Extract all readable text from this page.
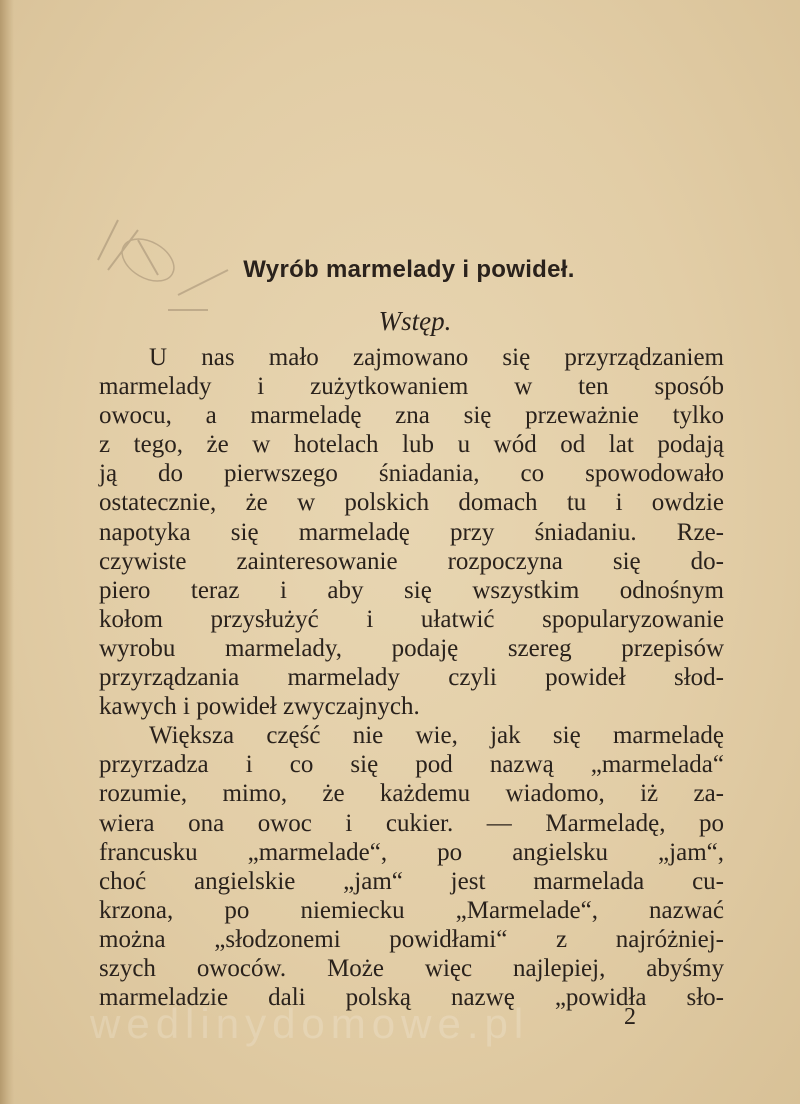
Wyrób marmelady i powideł.
Wstęp.
U nas mało zajmowano się przyrządzaniem
marmelady i zużytkowaniem w ten sposób
owocu, a marmeladę zna się przeważnie tylko
z tego, że w hotelach lub u wód od lat podają
ją do pierwszego śniadania, co spowodowało
ostatecznie, że w polskich domach tu i owdzie
napotyka się marmeladę przy śniadaniu. Rze-
czywiste zainteresowanie rozpoczyna się do-
piero teraz i aby się wszystkim odnośnym
kołom przysłużyć i ułatwić spopularyzowanie
wyrobu marmelady, podaję szereg przepisów
przyrządzania marmelady czyli powideł słod-
kawych i powideł zwyczajnych.
Większa część nie wie, jak się marmeladę
przyrzadza i co się pod nazwą „marmelada“
rozumie, mimo, że każdemu wiadomo, iż za-
wiera ona owoc i cukier. — Marmeladę, po
francusku „marmelade“, po angielsku „jam“,
choć angielskie „jam“ jest marmelada cu-
krzona, po niemiecku „Marmelade“, nazwać
można „słodzonemi powidłami“ z najróżniej-
szych owoców. Może więc najlepiej, abyśmy
marmeladzie dali polską nazwę „powidła sło-
wedlinydomowe.pl	2
